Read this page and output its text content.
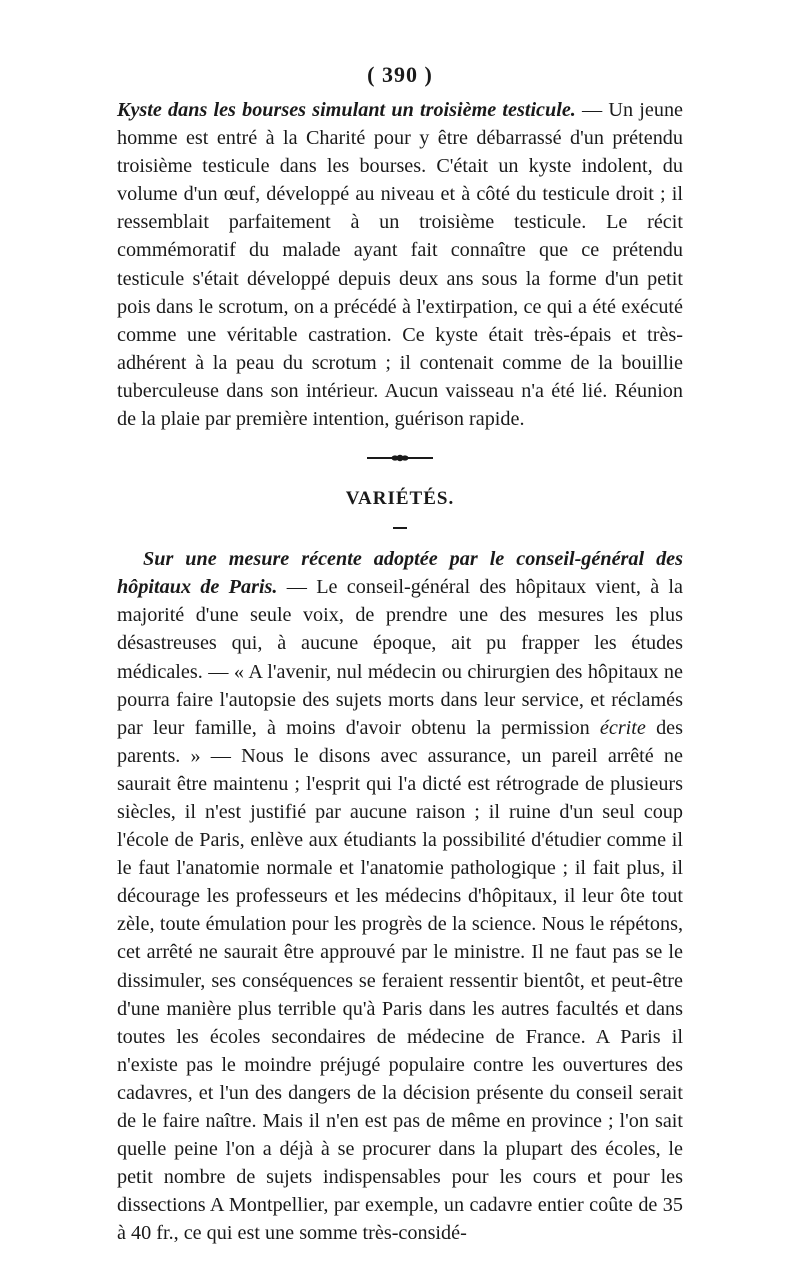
( 390 )

Kyste dans les bourses simulant un troisième testicule. — Un jeune homme est entré à la Charité pour y être débarrassé d'un prétendu troisième testicule dans les bourses. C'était un kyste indolent, du volume d'un œuf, développé au niveau et à côté du testicule droit ; il ressemblait parfaitement à un troisième testicule. Le récit commémoratif du malade ayant fait connaître que ce prétendu testicule s'était développé depuis deux ans sous la forme d'un petit pois dans le scrotum, on a précédé à l'extirpation, ce qui a été exécuté comme une véritable castration. Ce kyste était très-épais et très-adhérent à la peau du scrotum ; il contenait comme de la bouillie tuberculeuse dans son intérieur. Aucun vaisseau n'a été lié. Réunion de la plaie par première intention, guérison rapide.

VARIÉTÉS.

Sur une mesure récente adoptée par le conseil-général des hôpitaux de Paris. — Le conseil-général des hôpitaux vient, à la majorité d'une seule voix, de prendre une des mesures les plus désastreuses qui, à aucune époque, ait pu frapper les études médicales. — « A l'avenir, nul médecin ou chirurgien des hôpitaux ne pourra faire l'autopsie des sujets morts dans leur service, et réclamés par leur famille, à moins d'avoir obtenu la permission écrite des parents. » — Nous le disons avec assurance, un pareil arrêté ne saurait être maintenu ; l'esprit qui l'a dicté est rétrograde de plusieurs siècles, il n'est justifié par aucune raison ; il ruine d'un seul coup l'école de Paris, enlève aux étudiants la possibilité d'étudier comme il le faut l'anatomie normale et l'anatomie pathologique ; il fait plus, il décourage les professeurs et les médecins d'hôpitaux, il leur ôte tout zèle, toute émulation pour les progrès de la science. Nous le répétons, cet arrêté ne saurait être approuvé par le ministre. Il ne faut pas se le dissimuler, ses conséquences se feraient ressentir bientôt, et peut-être d'une manière plus terrible qu'à Paris dans les autres facultés et dans toutes les écoles secondaires de médecine de France. A Paris il n'existe pas le moindre préjugé populaire contre les ouvertures des cadavres, et l'un des dangers de la décision présente du conseil serait de le faire naître. Mais il n'en est pas de même en province ; l'on sait quelle peine l'on a déjà à se procurer dans la plupart des écoles, le petit nombre de sujets indispensables pour les cours et pour les dissections A Montpellier, par exemple, un cadavre entier coûte de 35 à 40 fr., ce qui est une somme très-considé-
